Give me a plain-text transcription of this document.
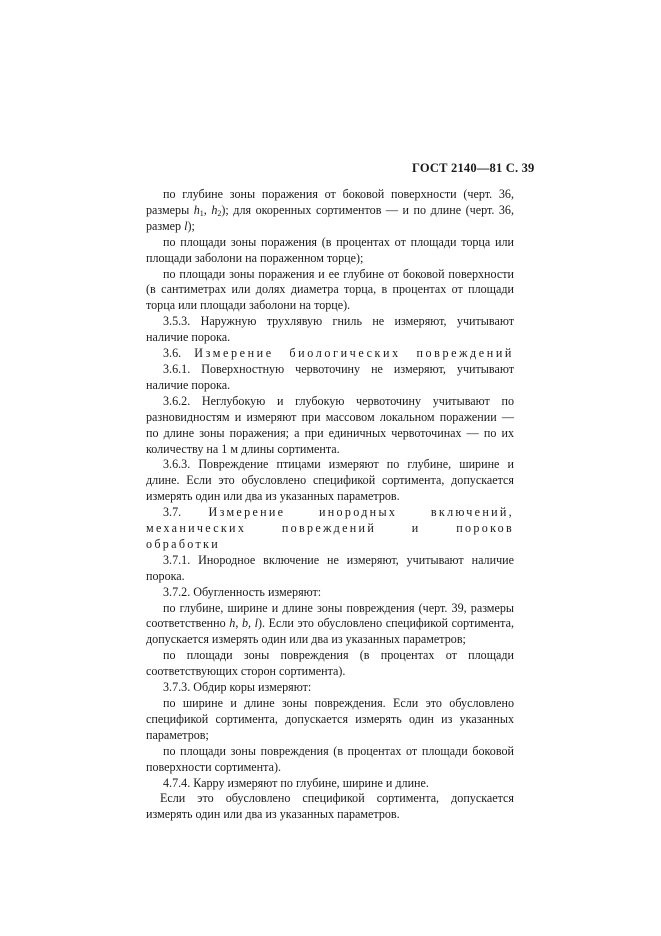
ГОСТ 2140—81 С. 39

по глубине зоны поражения от боковой поверхности (черт. 36, размеры $h_1$, $h_2$); для окоренных сортиментов — и по длине (черт. 36, размер l);

по площади зоны поражения (в процентах от площади торца или площади заболони на пораженном торце);

по площади зоны поражения и ее глубине от боковой поверхности (в сантиметрах или долях диаметра торца, в процентах от площади торца или площади заболони на торце).

3.5.3. Наружную трухлявую гниль не измеряют, учитывают наличие порока.

3.6. Измерение биологических повреждений

3.6.1. Поверхностную червоточину не измеряют, учитывают наличие порока.

3.6.2. Неглубокую и глубокую червоточину учитывают по разновидностям и измеряют при массовом локальном поражении — по длине зоны поражения; а при единичных червоточинах — по их количеству на 1 м длины сортимента.

3.6.3. Повреждение птицами измеряют по глубине, ширине и длине. Если это обусловлено спецификой сортимента, допускается измерять один или два из указанных параметров.

3.7. Измерение инородных включений, механических повреждений и пороков обработки

3.7.1. Инородное включение не измеряют, учитывают наличие порока.

3.7.2. Обугленность измеряют:

по глубине, ширине и длине зоны повреждения (черт. 39, размеры соответственно h, b, l). Если это обусловлено спецификой сортимента, допускается измерять один или два из указанных параметров;

по площади зоны повреждения (в процентах от площади соответствующих сторон сортимента).

3.7.3. Обдир коры измеряют:

по ширине и длине зоны повреждения. Если это обусловлено спецификой сортимента, допускается измерять один из указанных параметров;

по площади зоны повреждения (в процентах от площади боковой поверхности сортимента).

4.7.4. Карру измеряют по глубине, ширине и длине.

Если это обусловлено спецификой сортимента, допускается измерять один или два из указанных параметров.
